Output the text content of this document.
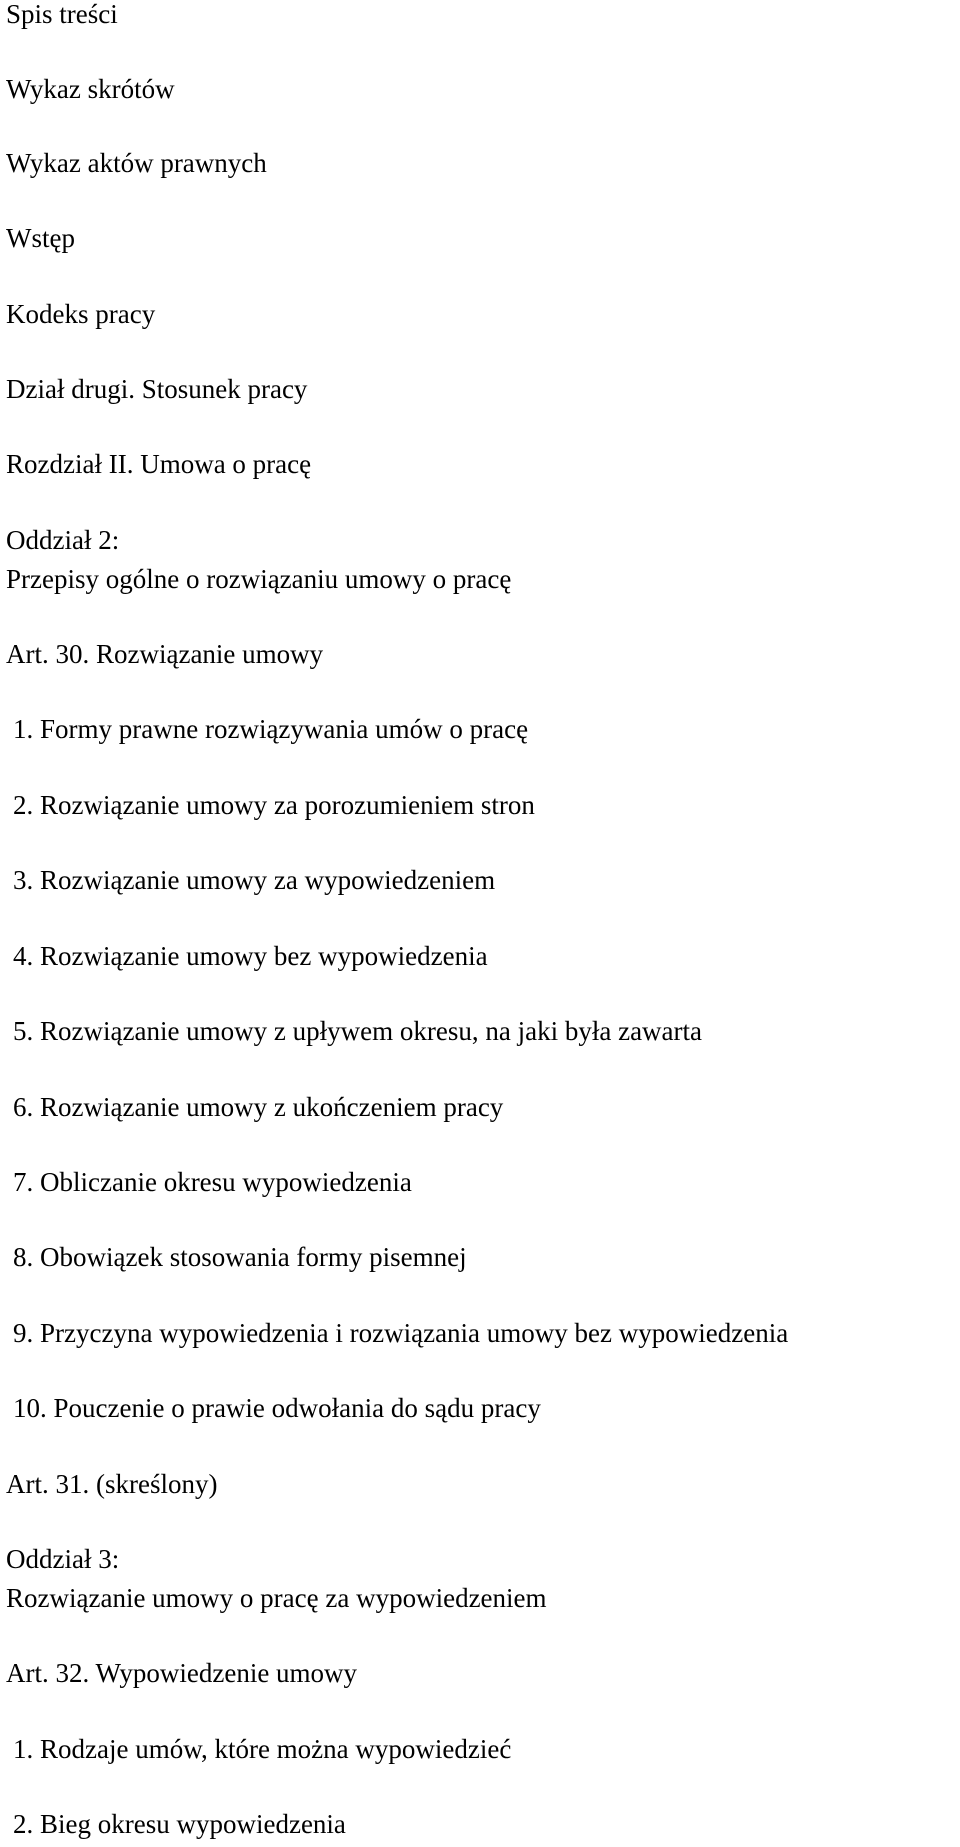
Spis treści
Wykaz skrótów
Wykaz aktów prawnych
Wstęp
Kodeks pracy
Dział drugi. Stosunek pracy
Rozdział II. Umowa o pracę
Oddział 2:
Przepisy ogólne o rozwiązaniu umowy o pracę
Art. 30. Rozwiązanie umowy
1. Formy prawne rozwiązywania umów o pracę
2. Rozwiązanie umowy za porozumieniem stron
3. Rozwiązanie umowy za wypowiedzeniem
4. Rozwiązanie umowy bez wypowiedzenia
5. Rozwiązanie umowy z upływem okresu, na jaki była zawarta
6. Rozwiązanie umowy z ukończeniem pracy
7. Obliczanie okresu wypowiedzenia
8. Obowiązek stosowania formy pisemnej
9. Przyczyna wypowiedzenia i rozwiązania umowy bez wypowiedzenia
10. Pouczenie o prawie odwołania do sądu pracy
Art. 31. (skreślony)
Oddział 3:
Rozwiązanie umowy o pracę za wypowiedzeniem
Art. 32. Wypowiedzenie umowy
1. Rodzaje umów, które można wypowiedzieć
2. Bieg okresu wypowiedzenia
